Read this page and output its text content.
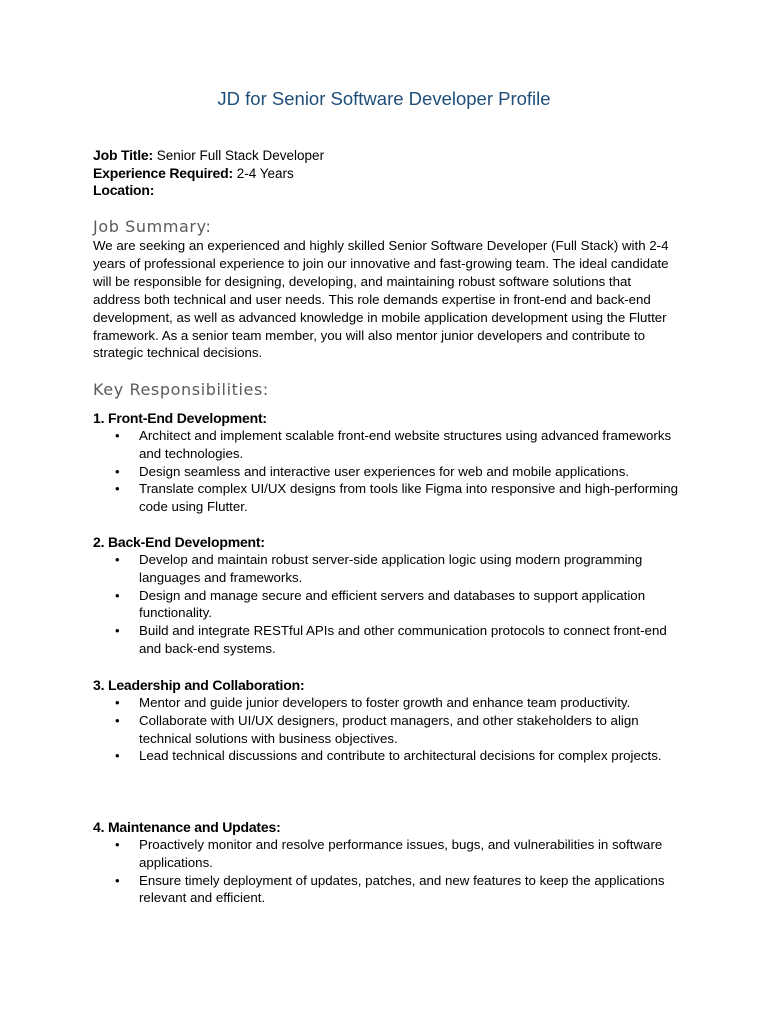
JD for Senior Software Developer Profile
Job Title: Senior Full Stack Developer
Experience Required: 2-4 Years
Location:
Job Summary:

We are seeking an experienced and highly skilled Senior Software Developer (Full Stack) with 2-4 years of professional experience to join our innovative and fast-growing team. The ideal candidate will be responsible for designing, developing, and maintaining robust software solutions that address both technical and user needs. This role demands expertise in front-end and back-end development, as well as advanced knowledge in mobile application development using the Flutter framework. As a senior team member, you will also mentor junior developers and contribute to strategic technical decisions.

Key Responsibilities:
1. Front-End Development:
• Architect and implement scalable front-end website structures using advanced frameworks and technologies.
• Design seamless and interactive user experiences for web and mobile applications.
• Translate complex UI/UX designs from tools like Figma into responsive and high-performing code using Flutter.
2. Back-End Development:
• Develop and maintain robust server-side application logic using modern programming languages and frameworks.
• Design and manage secure and efficient servers and databases to support application functionality.
• Build and integrate RESTful APIs and other communication protocols to connect front-end and back-end systems.
3. Leadership and Collaboration:
• Mentor and guide junior developers to foster growth and enhance team productivity.
• Collaborate with UI/UX designers, product managers, and other stakeholders to align technical solutions with business objectives.
• Lead technical discussions and contribute to architectural decisions for complex projects.
4. Maintenance and Updates:
• Proactively monitor and resolve performance issues, bugs, and vulnerabilities in software applications.
• Ensure timely deployment of updates, patches, and new features to keep the applications relevant and efficient.
